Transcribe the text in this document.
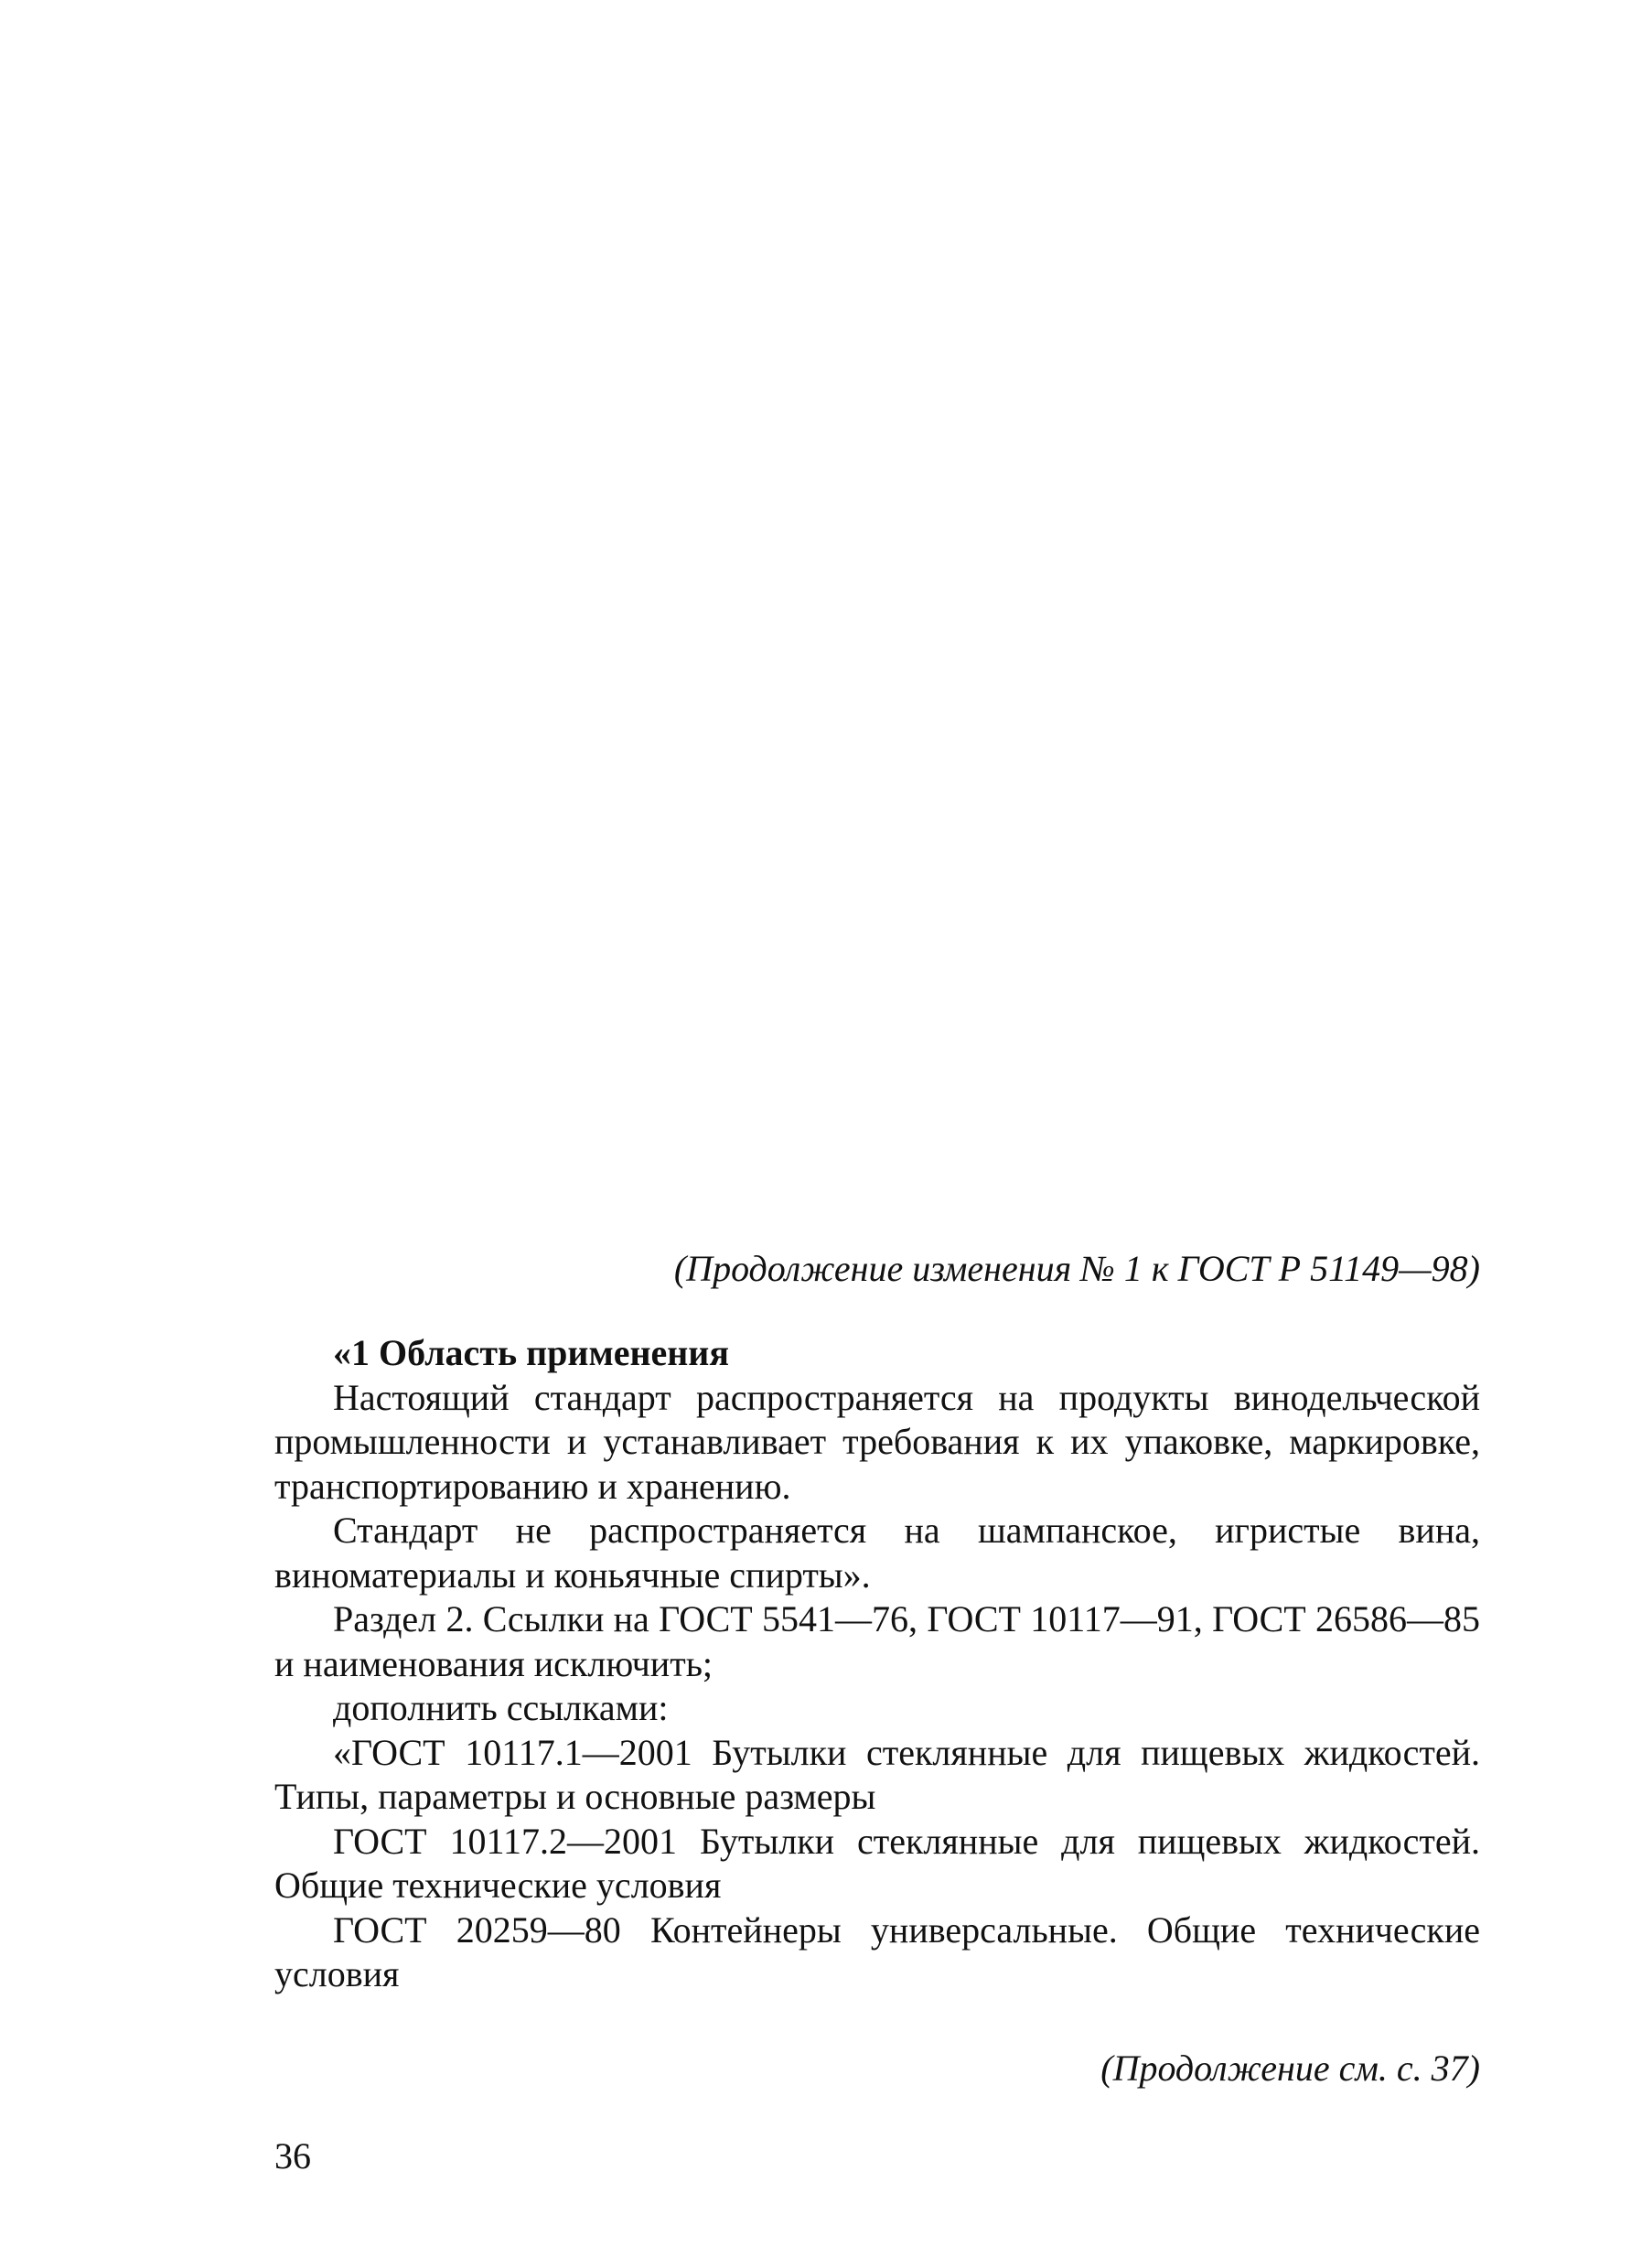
(Продолжение изменения № 1 к ГОСТ Р 51149—98)

«1 Область применения

Настоящий стандарт распространяется на продукты винодельческой промышленности и устанавливает требования к их упаковке, маркировке, транспортированию и хранению.

Стандарт не распространяется на шампанское, игристые вина, виноматериалы и коньячные спирты».

Раздел 2. Ссылки на ГОСТ 5541—76, ГОСТ 10117—91, ГОСТ 26586—85 и наименования исключить;

дополнить ссылками:

«ГОСТ 10117.1—2001 Бутылки стеклянные для пищевых жидкостей. Типы, параметры и основные размеры

ГОСТ 10117.2—2001 Бутылки стеклянные для пищевых жидкостей. Общие технические условия

ГОСТ 20259—80 Контейнеры универсальные. Общие технические условия

(Продолжение см. с. 37)
36
